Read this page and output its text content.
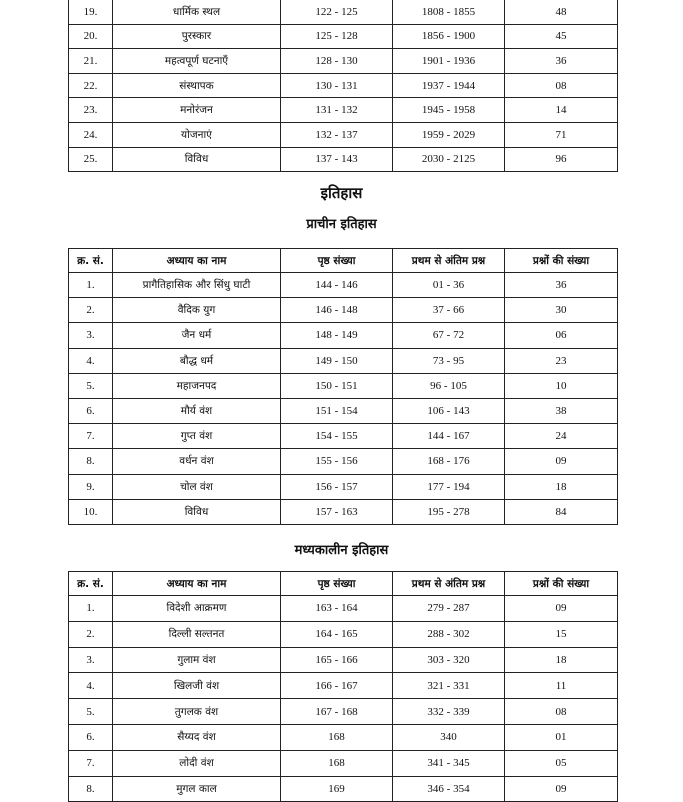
19.	धार्मिक स्थल	122 - 125	1808 - 1855	48
20.	पुरस्कार	125 - 128	1856 - 1900	45
21.	महत्वपूर्ण घटनाएँ	128 - 130	1901 - 1936	36
22.	संस्थापक	130 - 131	1937 - 1944	08
23.	मनोरंजन	131 - 132	1945 - 1958	14
24.	योजनाएं	132 - 137	1959 - 2029	71
25.	विविध	137 - 143	2030 - 2125	96
इतिहास
प्राचीन इतिहास
क्र. सं.	अध्याय का नाम	पृष्ठ संख्या	प्रथम से अंतिम प्रश्न	प्रश्नों की संख्या
1.	प्रागैतिहासिक और सिंधु घाटी	144 - 146	01 - 36	36
2.	वैदिक युग	146 - 148	37 - 66	30
3.	जैन धर्म	148 - 149	67 - 72	06
4.	बौद्ध धर्म	149 - 150	73 - 95	23
5.	महाजनपद	150 - 151	96 - 105	10
6.	मौर्य वंश	151 - 154	106 - 143	38
7.	गुप्त वंश	154 - 155	144 - 167	24
8.	वर्धन वंश	155 - 156	168 - 176	09
9.	चोल वंश	156 - 157	177 - 194	18
10.	विविध	157 - 163	195 - 278	84
मध्यकालीन इतिहास
क्र. सं.	अध्याय का नाम	पृष्ठ संख्या	प्रथम से अंतिम प्रश्न	प्रश्नों की संख्या
1.	विदेशी आक्रमण	163 - 164	279 - 287	09
2.	दिल्ली सल्तनत	164 - 165	288 - 302	15
3.	गुलाम वंश	165 - 166	303 - 320	18
4.	खिलजी वंश	166 - 167	321 - 331	11
5.	तुगलक वंश	167 - 168	332 - 339	08
6.	सैय्यद वंश	168	340	01
7.	लोदी वंश	168	341 - 345	05
8.	मुगल काल	169	346 - 354	09
